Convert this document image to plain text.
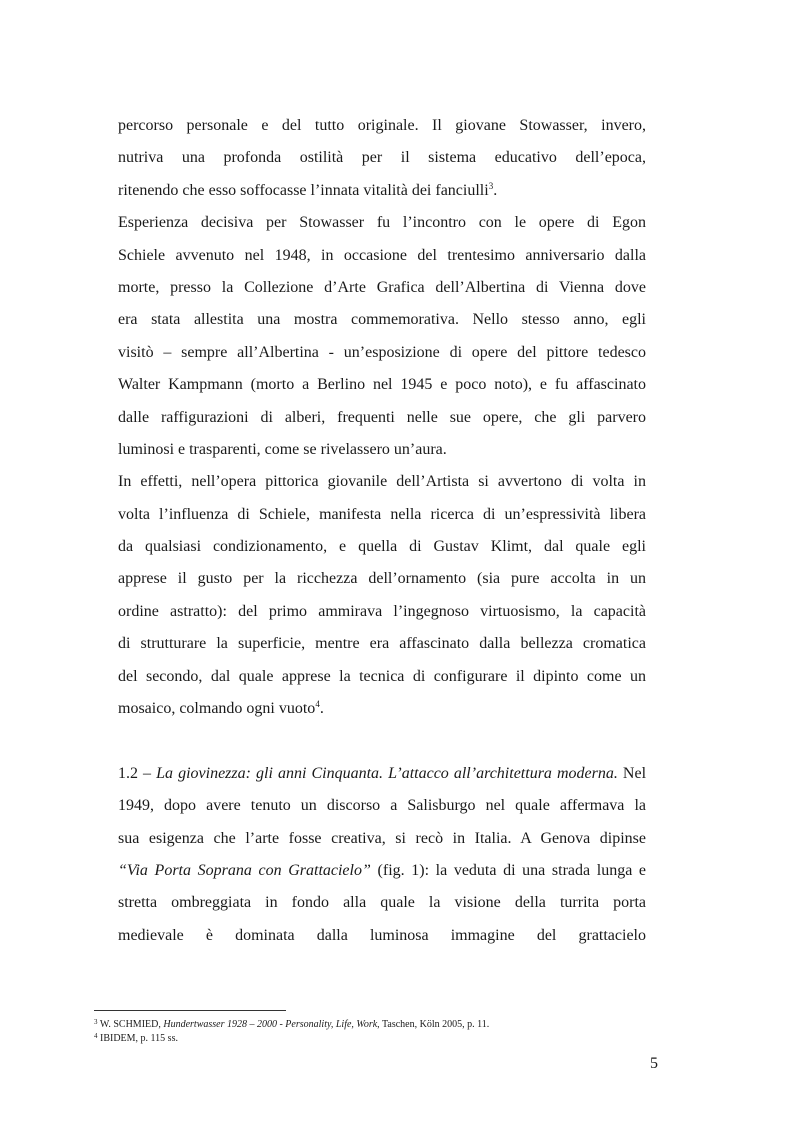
percorso personale e del tutto originale. Il giovane Stowasser, invero,
nutriva una profonda ostilità per il sistema educativo dell’epoca,
ritenendo che esso soffocasse l’innata vitalità dei fanciulli$^3$.
Esperienza decisiva per Stowasser fu l’incontro con le opere di Egon
Schiele avvenuto nel 1948, in occasione del trentesimo anniversario dalla
morte, presso la Collezione d’Arte Grafica dell’Albertina di Vienna dove
era stata allestita una mostra commemorativa. Nello stesso anno, egli
visitò – sempre all’Albertina - un’esposizione di opere del pittore tedesco
Walter Kampmann (morto a Berlino nel 1945 e poco noto), e fu affascinato
dalle raffigurazioni di alberi, frequenti nelle sue opere, che gli parvero
luminosi e trasparenti, come se rivelassero un’aura.
In effetti, nell’opera pittorica giovanile dell’Artista si avvertono di volta in
volta l’influenza di Schiele, manifesta nella ricerca di un’espressività libera
da qualsiasi condizionamento, e quella di Gustav Klimt, dal quale egli
apprese il gusto per la ricchezza dell’ornamento (sia pure accolta in un
ordine astratto): del primo ammirava l’ingegnoso virtuosismo, la capacità
di strutturare la superficie, mentre era affascinato dalla bellezza cromatica
del secondo, dal quale apprese la tecnica di configurare il dipinto come un
mosaico, colmando ogni vuoto$^4$.
1.2 – La giovinezza: gli anni Cinquanta. L’attacco all’architettura moderna. Nel
1949, dopo avere tenuto un discorso a Salisburgo nel quale affermava la
sua esigenza che l’arte fosse creativa, si recò in Italia. A Genova dipinse
“Via Porta Soprana con Grattacielo” (fig. 1): la veduta di una strada lunga e
stretta ombreggiata in fondo alla quale la visione della turrita porta
medievale è dominata dalla luminosa immagine del grattacielo
$^3$ W. SCHMIED, Hundertwasser 1928 – 2000 - Personality, Life, Work, Taschen, Köln 2005, p. 11.
$^4$ IBIDEM, p. 115 ss.
5
